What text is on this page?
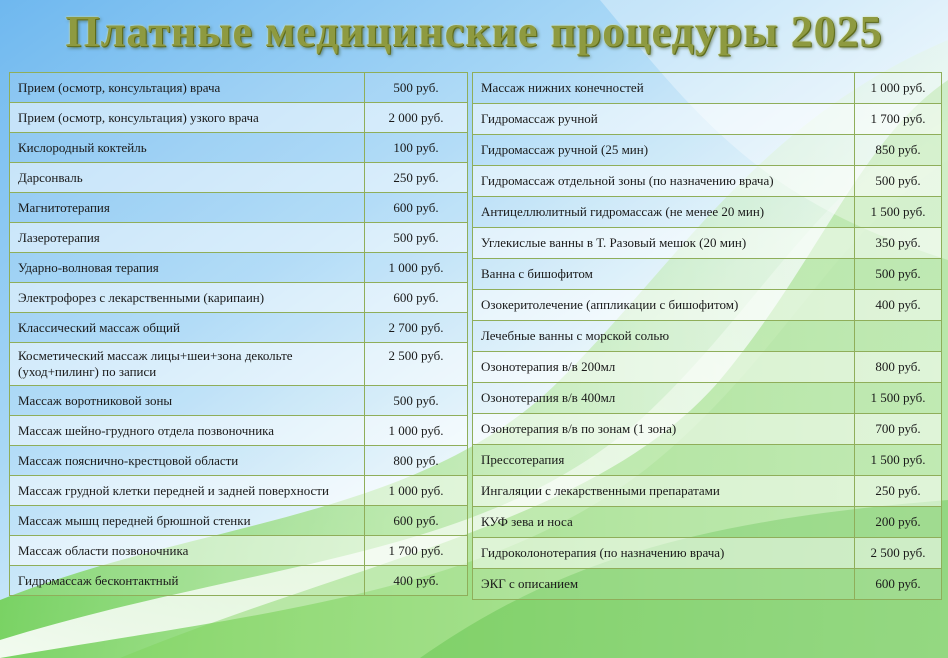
Платные медицинские процедуры 2025
Прием (осмотр, консультация) врача	500 руб.
Прием (осмотр, консультация) узкого врача	2 000 руб.
Кислородный коктейль	100 руб.
Дарсонваль	250 руб.
Магнитотерапия	600 руб.
Лазеротерапия	500 руб.
Ударно-волновая терапия	1 000 руб.
Электрофорез с лекарственными (карипаин)	600 руб.
Классический массаж общий	2 700 руб.
Косметический массаж лицы+шеи+зона декольте (уход+пилинг) по записи	2 500 руб.
Массаж воротниковой зоны	500 руб.
Массаж шейно-грудного отдела позвоночника	1 000 руб.
Массаж пояснично-крестцовой области	800 руб.
Массаж грудной клетки передней и задней поверхности	1 000 руб.
Массаж мышц передней брюшной стенки	600 руб.
Массаж области позвоночника	1 700 руб.
Гидромассаж бесконтактный	400 руб.
Массаж нижних конечностей	1 000 руб.
Гидромассаж ручной	1 700 руб.
Гидромассаж ручной (25 мин)	850 руб.
Гидромассаж отдельной зоны (по назначению врача)	500 руб.
Антицеллюлитный гидромассаж (не менее 20 мин)	1 500 руб.
Углекислые ванны в Т. Разовый мешок (20 мин)	350 руб.
Ванна с бишофитом	500 руб.
Озокеритолечение (аппликации с бишофитом)	400 руб.
Лечебные ванны с морской солью	
Озонотерапия в/в 200мл	800 руб.
Озонотерапия в/в 400мл	1 500 руб.
Озонотерапия в/в по зонам (1 зона)	700 руб.
Прессотерапия	1 500 руб.
Ингаляции с лекарственными препаратами	250 руб.
КУФ зева и носа	200 руб.
Гидроколонотерапия (по назначению врача)	2 500 руб.
ЭКГ с описанием	600 руб.
